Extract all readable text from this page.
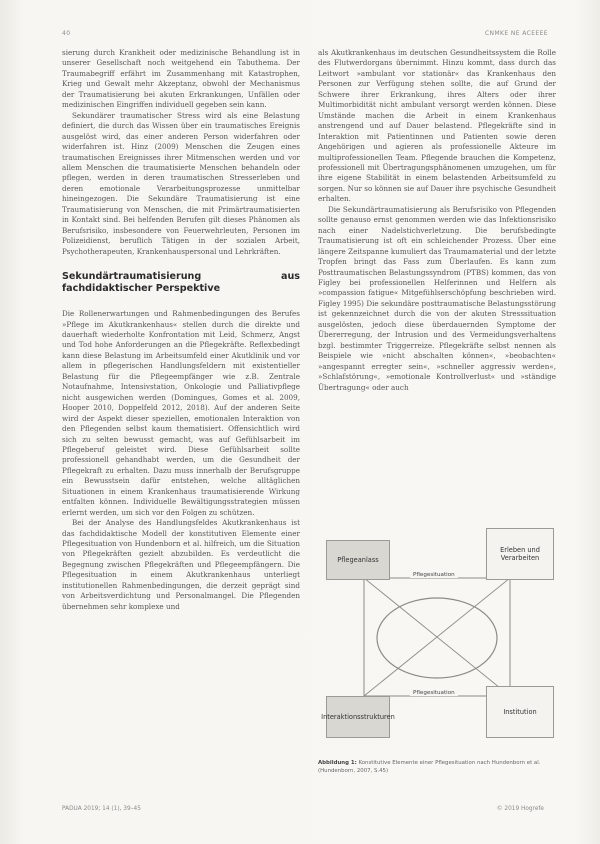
40	CNMKE NE ACEEEE

sierung durch Krankheit oder medizinische Behandlung ist in unserer Gesellschaft noch weitgehend ein Tabuthema. Der Traumabegriff erfährt im Zusammenhang mit Katastrophen, Krieg und Gewalt mehr Akzeptanz, obwohl der Mechanismus der Traumatisierung bei akuten Erkrankungen, Unfällen oder medizinischen Eingriffen individuell gegeben sein kann.

Sekundärer traumatischer Stress wird als eine Belastung definiert, die durch das Wissen über ein traumatisches Ereignis ausgelöst wird, das einer anderen Person widerfahren oder widerfahren ist. Hinz (2009) Menschen die Zeugen eines traumatischen Ereignisses ihrer Mitmenschen werden und vor allem Menschen die traumatisierte Menschen behandeln oder pflegen, werden in deren traumatischen Stresserleben und deren emotionale Verarbeitungsprozesse unmittelbar hineingezogen. Die Sekundäre Traumatisierung ist eine Traumatisierung von Menschen, die mit Primärtraumatisierten in Kontakt sind. Bei helfenden Berufen gilt dieses Phänomen als Berufsrisiko, insbesondere von Feuerwehrleuten, Personen im Polizeidienst, beruflich Tätigen in der sozialen Arbeit, Psychotherapeuten, Krankenhauspersonal und Lehrkräften.

Sekundärtraumatisierung aus fachdidaktischer Perspektive

Die Rollenerwartungen und Rahmenbedingungen des Berufes »Pflege im Akutkrankenhaus« stellen durch die direkte und dauerhaft wiederholte Konfrontation mit Leid, Schmerz, Angst und Tod hohe Anforderungen an die Pflegekräfte. Reflexbedingt kann diese Belastung im Arbeitsumfeld einer Akutklinik und vor allem in pflegerischen Handlungsfeldern mit existentieller Belastung für die Pflegeempfänger wie z.B. Zentrale Notaufnahme, Intensivstation, Onkologie und Palliativpflege nicht ausgewichen werden (Domingues, Gomes et al. 2009, Hooper 2010, Doppelfeld 2012, 2018). Auf der anderen Seite wird der Aspekt dieser speziellen, emotionalen Interaktion von den Pflegenden selbst kaum thematisiert. Offensichtlich wird sich zu selten bewusst gemacht, was auf Gefühlsarbeit im Pflegeberuf geleistet wird. Diese Gefühlsarbeit sollte professionell gehandhabt werden, um die Gesundheit der Pflegekraft zu erhalten. Dazu muss innerhalb der Berufsgruppe ein Bewusstsein dafür entstehen, welche alltäglichen Situationen in einem Krankenhaus traumatisierende Wirkung entfalten können. Individuelle Bewältigungsstrategien müssen erlernt werden, um sich vor den Folgen zu schützen.

Bei der Analyse des Handlungsfeldes Akutkrankenhaus ist das fachdidaktische Modell der konstitutiven Elemente einer Pflegesituation von Hundenborn et al. hilfreich, um die Situation von Pflegekräften gezielt abzubilden. Es verdeutlicht die Begegnung zwischen Pflegekräften und Pflegeempfängern. Die Pflegesituation in einem Akutkrankenhaus unterliegt institutionellen Rahmenbedingungen, die derzeit geprägt sind von Arbeitsverdichtung und Personalmangel. Die Pflegenden übernehmen sehr komplexe und

als Akutkrankenhaus im deutschen Gesundheitssystem die Rolle des Flutwerdorgans übernimmt. Hinzu kommt, dass durch das Leitwort »ambulant vor stationär« das Krankenhaus den Personen zur Verfügung stehen sollte, die auf Grund der Schwere ihrer Erkrankung, ihres Alters oder ihrer Multimorbidität nicht ambulant versorgt werden können. Diese Umstände machen die Arbeit in einem Krankenhaus anstrengend und auf Dauer belastend. Pflegekräfte sind in Interaktion mit Patientinnen und Patienten sowie deren Angehörigen und agieren als professionelle Akteure im multiprofessionellen Team. Pflegende brauchen die Kompetenz, professionell mit Übertragungsphänomenen umzugehen, um für ihre eigene Stabilität in einem belastenden Arbeitsumfeld zu sorgen. Nur so können sie auf Dauer ihre psychische Gesundheit erhalten.

Die Sekundärtraumatisierung als Berufsrisiko von Pflegenden sollte genauso ernst genommen werden wie das Infektionsrisiko nach einer Nadelstichverletzung. Die berufsbedingte Traumatisierung ist oft ein schleichender Prozess. Über eine längere Zeitspanne kumuliert das Traumamaterial und der letzte Tropfen bringt das Fass zum Überlaufen. Es kann zum Posttraumatischen Belastungssyndrom (PTBS) kommen, das von Figley bei professionellen Helferinnen und Helfern als »compassion fatigue« Mitgefühlserschöpfung beschrieben wird. Figley 1995) Die sekundäre posttraumatische Belastungsstörung ist gekennzeichnet durch die von der akuten Stresssituation ausgelösten, jedoch diese überdauernden Symptome der Übererregung, der Intrusion und des Vermeidungsverhaltens bzgl. bestimmter Triggerreize. Pflegekräfte selbst nennen als Beispiele wie »nicht abschalten können«, »beobachten« »angespannt erregter sein«, »schneller aggressiv werden«, »Schlafstörung«, »emotionale Kontrollverlust« und »ständige Übertragung« oder auch

Pflegeanlass
Erleben und Verarbeiten
Interaktionsstrukturen
Institution
Pflegesituation
Pflegesituation
Abbildung 1: Konstitutive Elemente einer Pflegesituation nach Hundenborn et al. (Hundenborn, 2007, S.45)
PADUA 2019; 14 (1), 39–45	© 2019 Hogrefe
